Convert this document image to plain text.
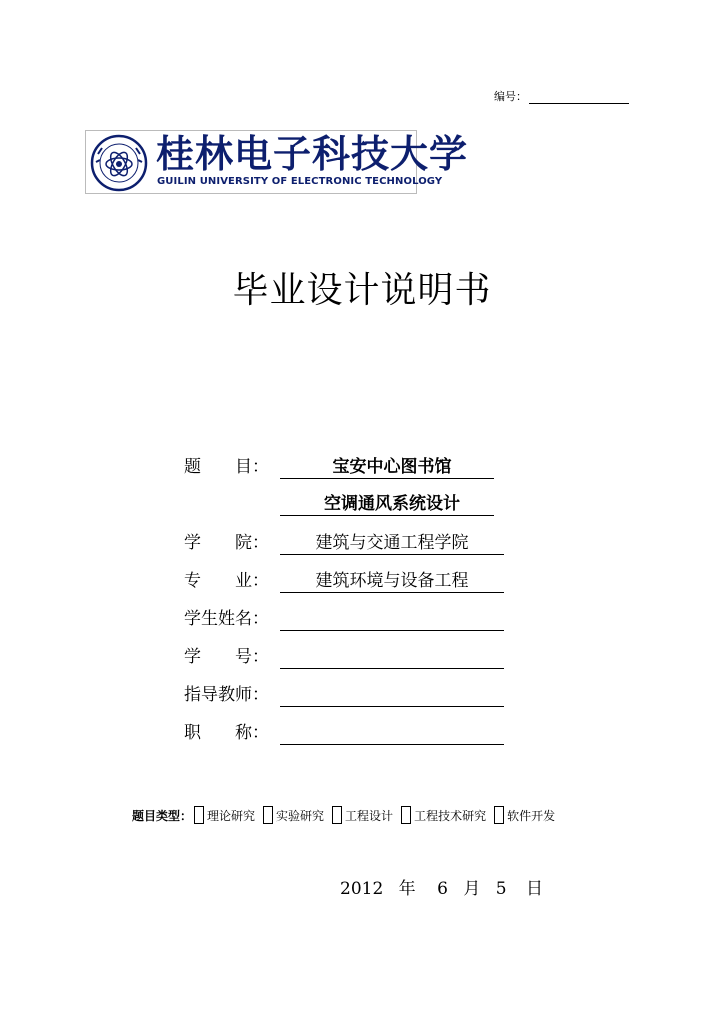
编号：
桂林电子科技大学
GUILIN UNIVERSITY OF ELECTRONIC TECHNOLOGY
毕业设计说明书
题　　目：	宝安中心图书馆
空调通风系统设计
学　　院：	建筑与交通工程学院
专　　业：	建筑环境与设备工程
学生姓名：
学　　号：
指导教师：
职　　称：
题目类型： 理论研究 实验研究 工程设计 工程技术研究 软件开发
2012 年 6 月 5 日
